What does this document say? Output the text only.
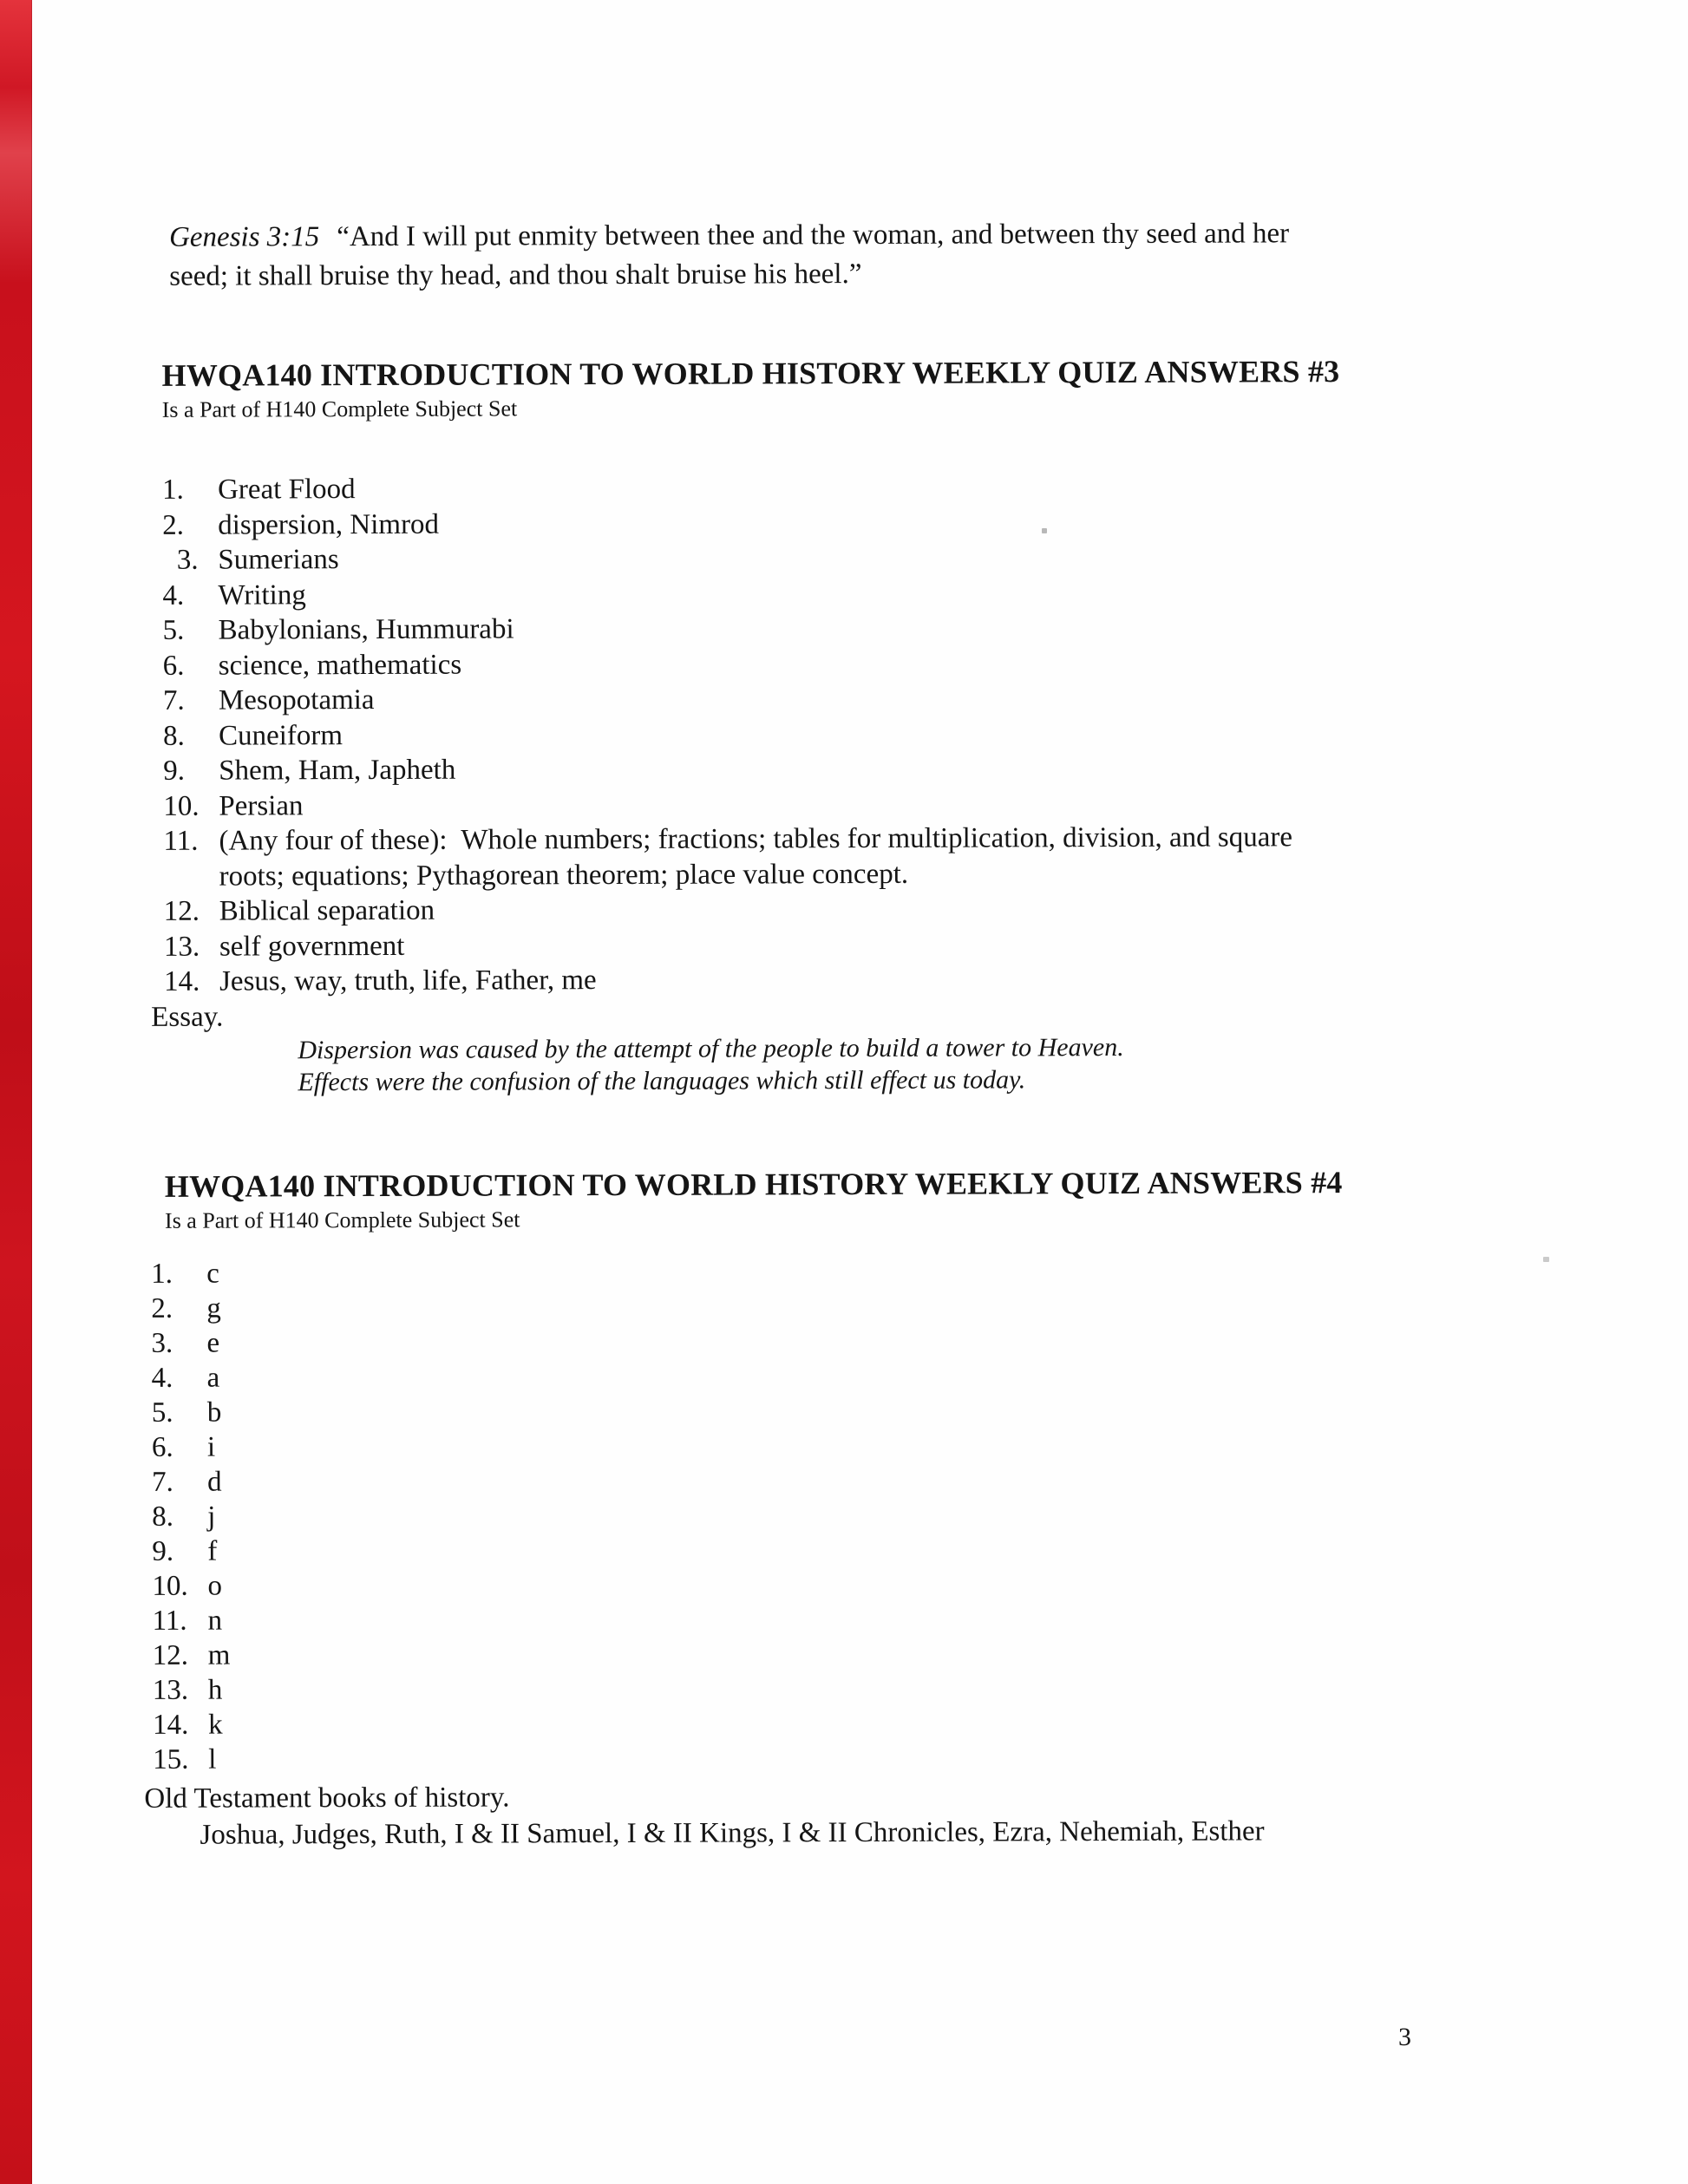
Genesis 3:15 “And I will put enmity between thee and the woman, and between thy seed and her
seed; it shall bruise thy head, and thou shalt bruise his heel.”
HWQA140 INTRODUCTION TO WORLD HISTORY WEEKLY QUIZ ANSWERS #3
Is a Part of H140 Complete Subject Set
1.	Great Flood
2.	dispersion, Nimrod
 3. Sumerians
4.	Writing
5.	Babylonians, Hummurabi
6.	science, mathematics
7.	Mesopotamia
8.	Cuneiform
9.	Shem, Ham, Japheth
10. Persian
11. (Any four of these):  Whole numbers; fractions; tables for multiplication, division, and square
roots; equations; Pythagorean theorem; place value concept.
12. Biblical separation
13. self government
14. Jesus, way, truth, life, Father, me
Essay.
Dispersion was caused by the attempt of the people to build a tower to Heaven.
Effects were the confusion of the languages which still effect us today.
HWQA140 INTRODUCTION TO WORLD HISTORY WEEKLY QUIZ ANSWERS #4
Is a Part of H140 Complete Subject Set
1.	c
2.	g
3.	e
4.	a
5.	b
6.	i
7.	d
8.	j
9.	f
10. o
11. n
12. m
13. h
14. k
15. l
Old Testament books of history.
Joshua, Judges, Ruth, I & II Samuel, I & II Kings, I & II Chronicles, Ezra, Nehemiah, Esther
3
